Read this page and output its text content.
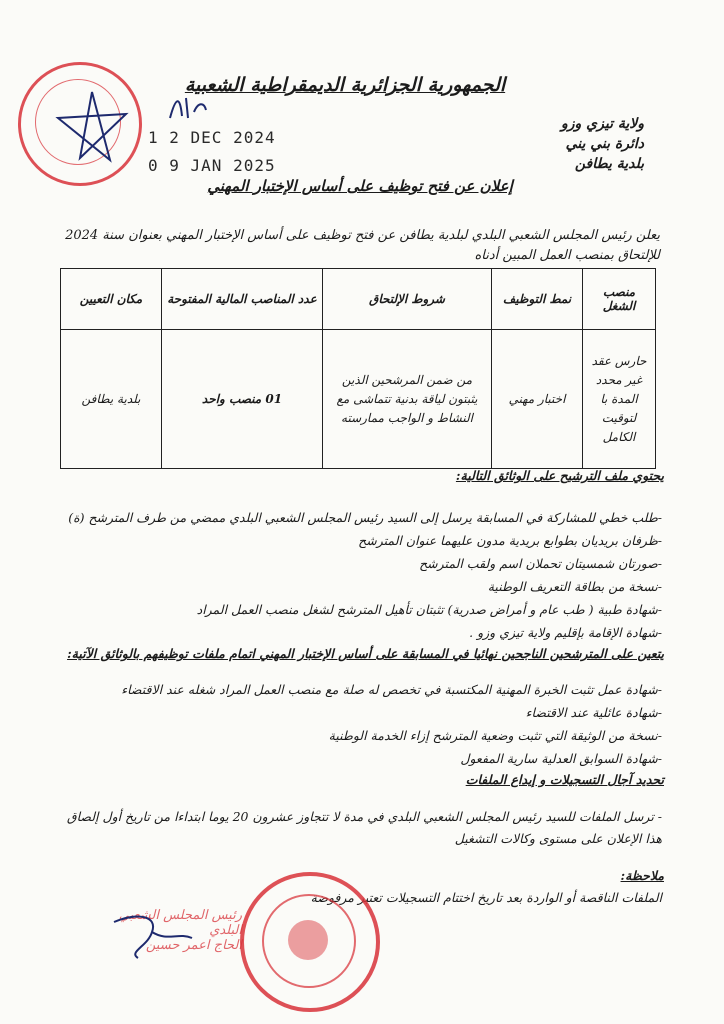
الجمهورية الجزائرية الديمقراطية الشعبية
ولاية تيزي وزو
دائرة بني يني
بلدية يطافن
1 2 DEC 2024
0 9 JAN 2025
إعلان عن فتح توظيف على أساس الإختبار المهني
يعلن رئيس المجلس الشعبي البلدي لبلدية يطافن عن فتح توظيف على أساس الإختبار المهني بعنوان سنة 2024 للإلتحاق بمنصب العمل المبين أدناه
منصب الشغل	نمط التوظيف	شروط الإلتحاق	عدد المناصب المالية المفتوحة	مكان التعيين
حارس عقد غير محدد المدة با لتوقيت الكامل	اختبار مهني	من ضمن المرشحين الذين يثبتون لياقة بدنية تتماشى مع النشاط و الواجب ممارسته	01 منصب واحد	بلدية يطافن
يحتوي ملف الترشيح على الوثائق التالية:
-طلب خطي للمشاركة في المسابقة يرسل إلى السيد رئيس المجلس الشعبي البلدي ممضي من طرف المترشح (ة)
-ظرفان بريديان بطوابع بريدية مدون عليهما عنوان المترشح
-صورتان شمسيتان تحملان اسم ولقب المترشح
-نسخة من بطاقة التعريف الوطنية
-شهادة طبية ( طب عام و أمراض صدرية) تثبتان تأهيل المترشح لشغل منصب العمل المراد
-شهادة الإقامة بإقليم ولاية تيزي وزو .
يتعين على المترشحين الناجحين نهائيا في المسابقة على أساس الإختبار المهني اتمام ملفات توظيفهم بالوثائق الآتية:
-شهادة عمل تثبت الخبرة المهنية المكتسبة في تخصص له صلة مع منصب العمل المراد شغله عند الاقتضاء
-شهادة عائلية عند الاقتضاء
-نسخة من الوثيقة التي تثبت وضعية المترشح إزاء الخدمة الوطنية
-شهادة السوابق العدلية سارية المفعول
تحديد آجال التسجيلات و إيداع الملفات
- ترسل الملفات للسيد رئيس المجلس الشعبي البلدي في مدة لا تتجاوز عشرون 20 يوما ابتداءا من تاريخ أول إلصاق هذا الإعلان على مستوى وكالات التشغيل
ملاحظة:
الملفات الناقصة أو الواردة بعد تاريخ اختتام التسجيلات تعتبر مرفوضة
رئيس المجلس الشعبي البلدي
الحاج اعمر حسين
